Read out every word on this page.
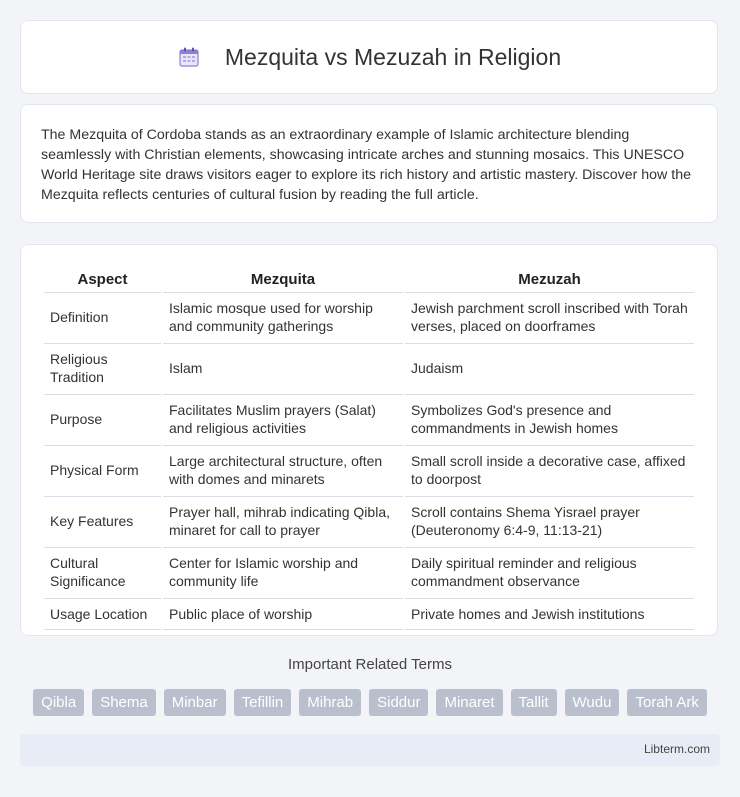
Mezquita vs Mezuzah in Religion

The Mezquita of Cordoba stands as an extraordinary example of Islamic architecture blending seamlessly with Christian elements, showcasing intricate arches and stunning mosaics. This UNESCO World Heritage site draws visitors eager to explore its rich history and artistic mastery. Discover how the Mezquita reflects centuries of cultural fusion by reading the full article.

Aspect	Mezquita	Mezuzah
Definition	Islamic mosque used for worship and community gatherings	Jewish parchment scroll inscribed with Torah verses, placed on doorframes
Religious Tradition	Islam	Judaism
Purpose	Facilitates Muslim prayers (Salat) and religious activities	Symbolizes God's presence and commandments in Jewish homes
Physical Form	Large architectural structure, often with domes and minarets	Small scroll inside a decorative case, affixed to doorpost
Key Features	Prayer hall, mihrab indicating Qibla, minaret for call to prayer	Scroll contains Shema Yisrael prayer (Deuteronomy 6:4-9, 11:13-21)
Cultural Significance	Center for Islamic worship and community life	Daily spiritual reminder and religious commandment observance
Usage Location	Public place of worship	Private homes and Jewish institutions
Important Related Terms
Qibla	Shema	Minbar	Tefillin	Mihrab	Siddur	Minaret	Tallit	Wudu	Torah Ark
Libterm.com
